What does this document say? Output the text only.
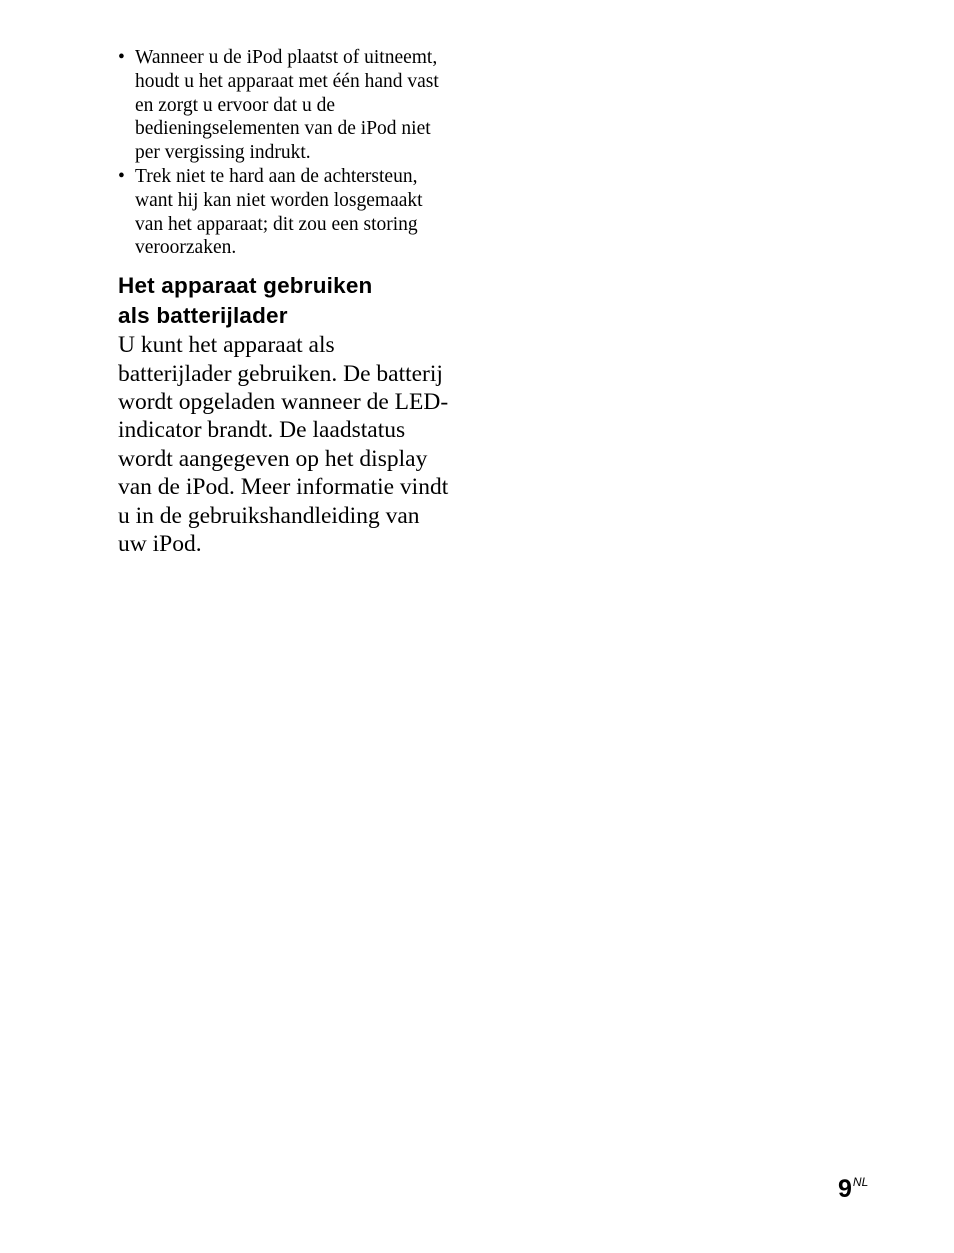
• Wanneer u de iPod plaatst of uitneemt, houdt u het apparaat met één hand vast en zorgt u ervoor dat u de bedieningselementen van de iPod niet per vergissing indrukt.
• Trek niet te hard aan de achtersteun, want hij kan niet worden losgemaakt van het apparaat; dit zou een storing veroorzaken.
Het apparaat gebruiken
als batterijlader

U kunt het apparaat als batterijlader gebruiken. De batterij wordt opgeladen wanneer de LED-indicator brandt. De laadstatus wordt aangegeven op het display van de iPod. Meer informatie vindt u in de gebruikshandleiding van uw iPod.

9 $^{NL}$
